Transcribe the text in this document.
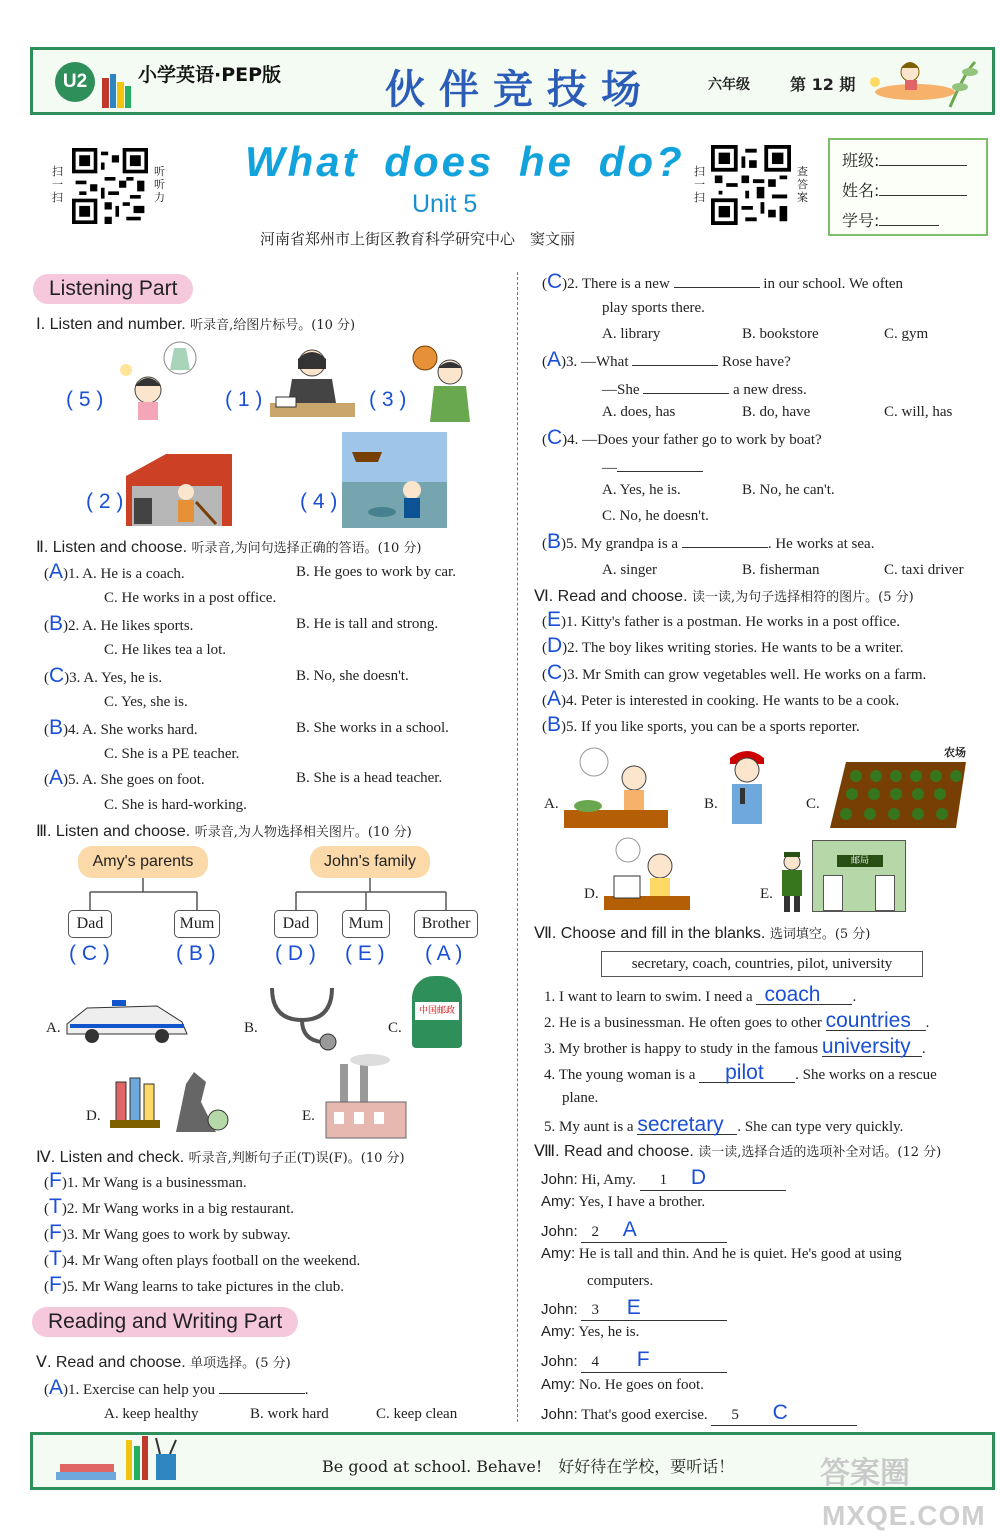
U2	小学英语·PEP版	伙伴竞技场	六年级	第 12 期
扫一扫
听听力
What does he do?
Unit 5
河南省郑州市上街区教育科学研究中心　窦文丽
扫一扫
查答案
班级:
姓名:
学号:
Listening Part
Ⅰ. Listen and number. 听录音,给图片标号。(10 分)
( 5 )	( 1 )	( 3 )
( 2 )	( 4 )
Ⅱ. Listen and choose. 听录音,为问句选择正确的答语。(10 分)
(A)1. A. He is a coach.	B. He goes to work by car.
C. He works in a post office.
(B)2. A. He likes sports.	B. He is tall and strong.
C. He likes tea a lot.
(C)3. A. Yes, he is.	B. No, she doesn't.
C. Yes, she is.
(B)4. A. She works hard.	B. She works in a school.
C. She is a PE teacher.
(A)5. A. She goes on foot.	B. She is a head teacher.
C. She is hard-working.
Ⅲ. Listen and choose. 听录音,为人物选择相关图片。(10 分)
Amy's parents	John's family
Dad	Mum	Dad	Mum	Brother
( C )	( B )	( D ) ( E ) ( A )
A.	B.	C.
中国邮政
D.	E.
Ⅳ. Listen and check. 听录音,判断句子正(T)误(F)。(10 分)
(F)1. Mr Wang is a businessman.
(T)2. Mr Wang works in a big restaurant.
(F)3. Mr Wang goes to work by subway.
(T)4. Mr Wang often plays football on the weekend.
(F)5. Mr Wang learns to take pictures in the club.
Reading and Writing Part
Ⅴ. Read and choose. 单项选择。(5 分)
(A)1. Exercise can help you	.
A. keep healthy	B. work hard	C. keep clean
(C)2. There is a new	in our school. We often
play sports there.
A. library	B. bookstore	C. gym
(A)3. —What	Rose have?
—She	a new dress.
A. does, has	B. do, have	C. will, has
(C)4. —Does your father go to work by boat?
—
A. Yes, he is.	B. No, he can't.
C. No, he doesn't.
(B)5. My grandpa is a	. He works at sea.
A. singer	B. fisherman	C. taxi driver
Ⅵ. Read and choose. 读一读,为句子选择相符的图片。(5 分)
(E)1. Kitty's father is a postman. He works in a post office.
(D)2. The boy likes writing stories. He wants to be a writer.
(C)3. Mr Smith can grow vegetables well. He works on a farm.
(A)4. Peter is interested in cooking. He wants to be a cook.
(B)5. If you like sports, you can be a sports reporter.
A.	B.	C.
农场
D.	E.
邮局
Ⅶ. Choose and fill in the blanks. 选词填空。(5 分)
secretary, coach, countries, pilot, university
1. I want to learn to swim. I need a coach .
2. He is a businessman. He often goes to other countries .
3. My brother is happy to study in the famous university .
4. The young woman is a pilot . She works on a rescue
plane.
5. My aunt is a secretary . She can type very quickly.
Ⅷ. Read and choose. 读一读,选择合适的选项补全对话。(12 分)
John: Hi, Amy. 1 D
Amy: Yes, I have a brother.
John: 2 A
Amy: He is tall and thin. And he is quiet. He's good at using
computers.
John: 3 E
Amy: Yes, he is.
John: 4 F
Amy: No. He goes on foot.
John: That's good exercise. 5 C
Be good at school. Behave!　好好待在学校，要听话！	答案圈
MXQE.COM
